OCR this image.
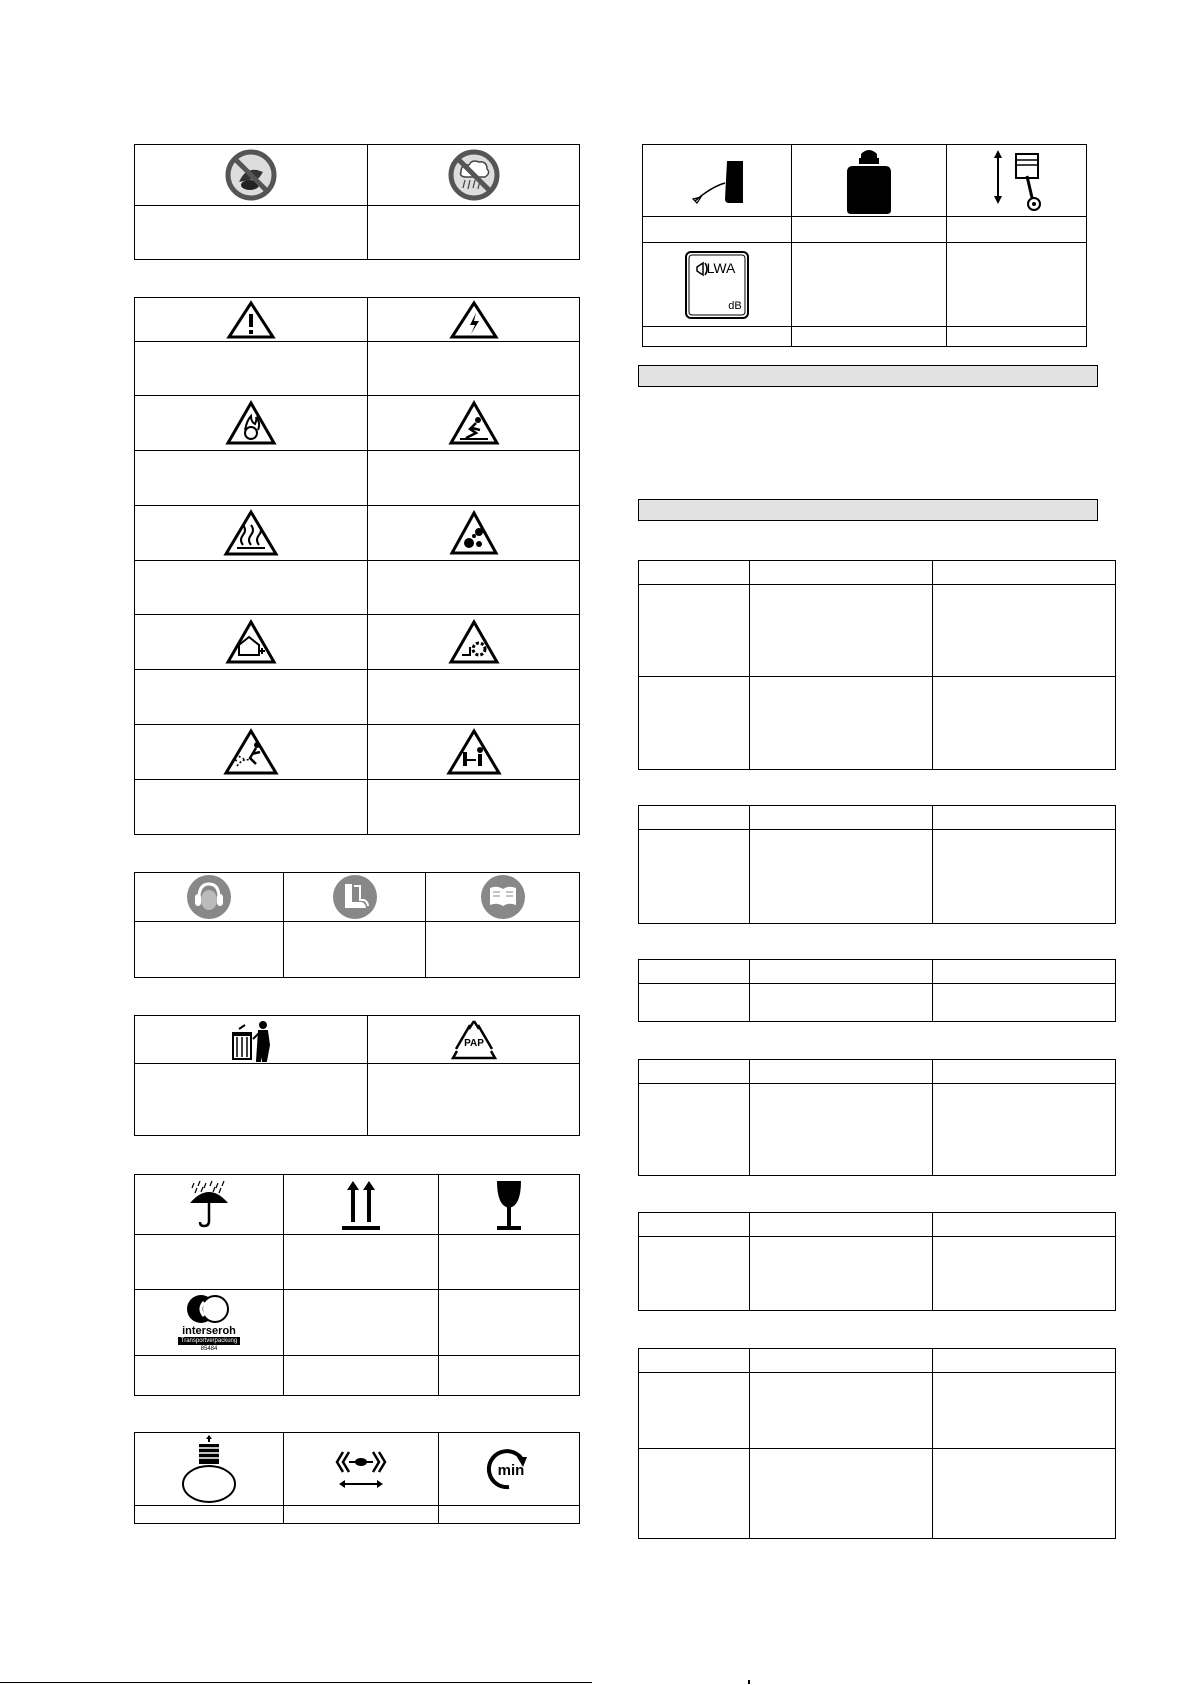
PAP
interseroh
Transportverpackung
85484
min
LWA
dB
